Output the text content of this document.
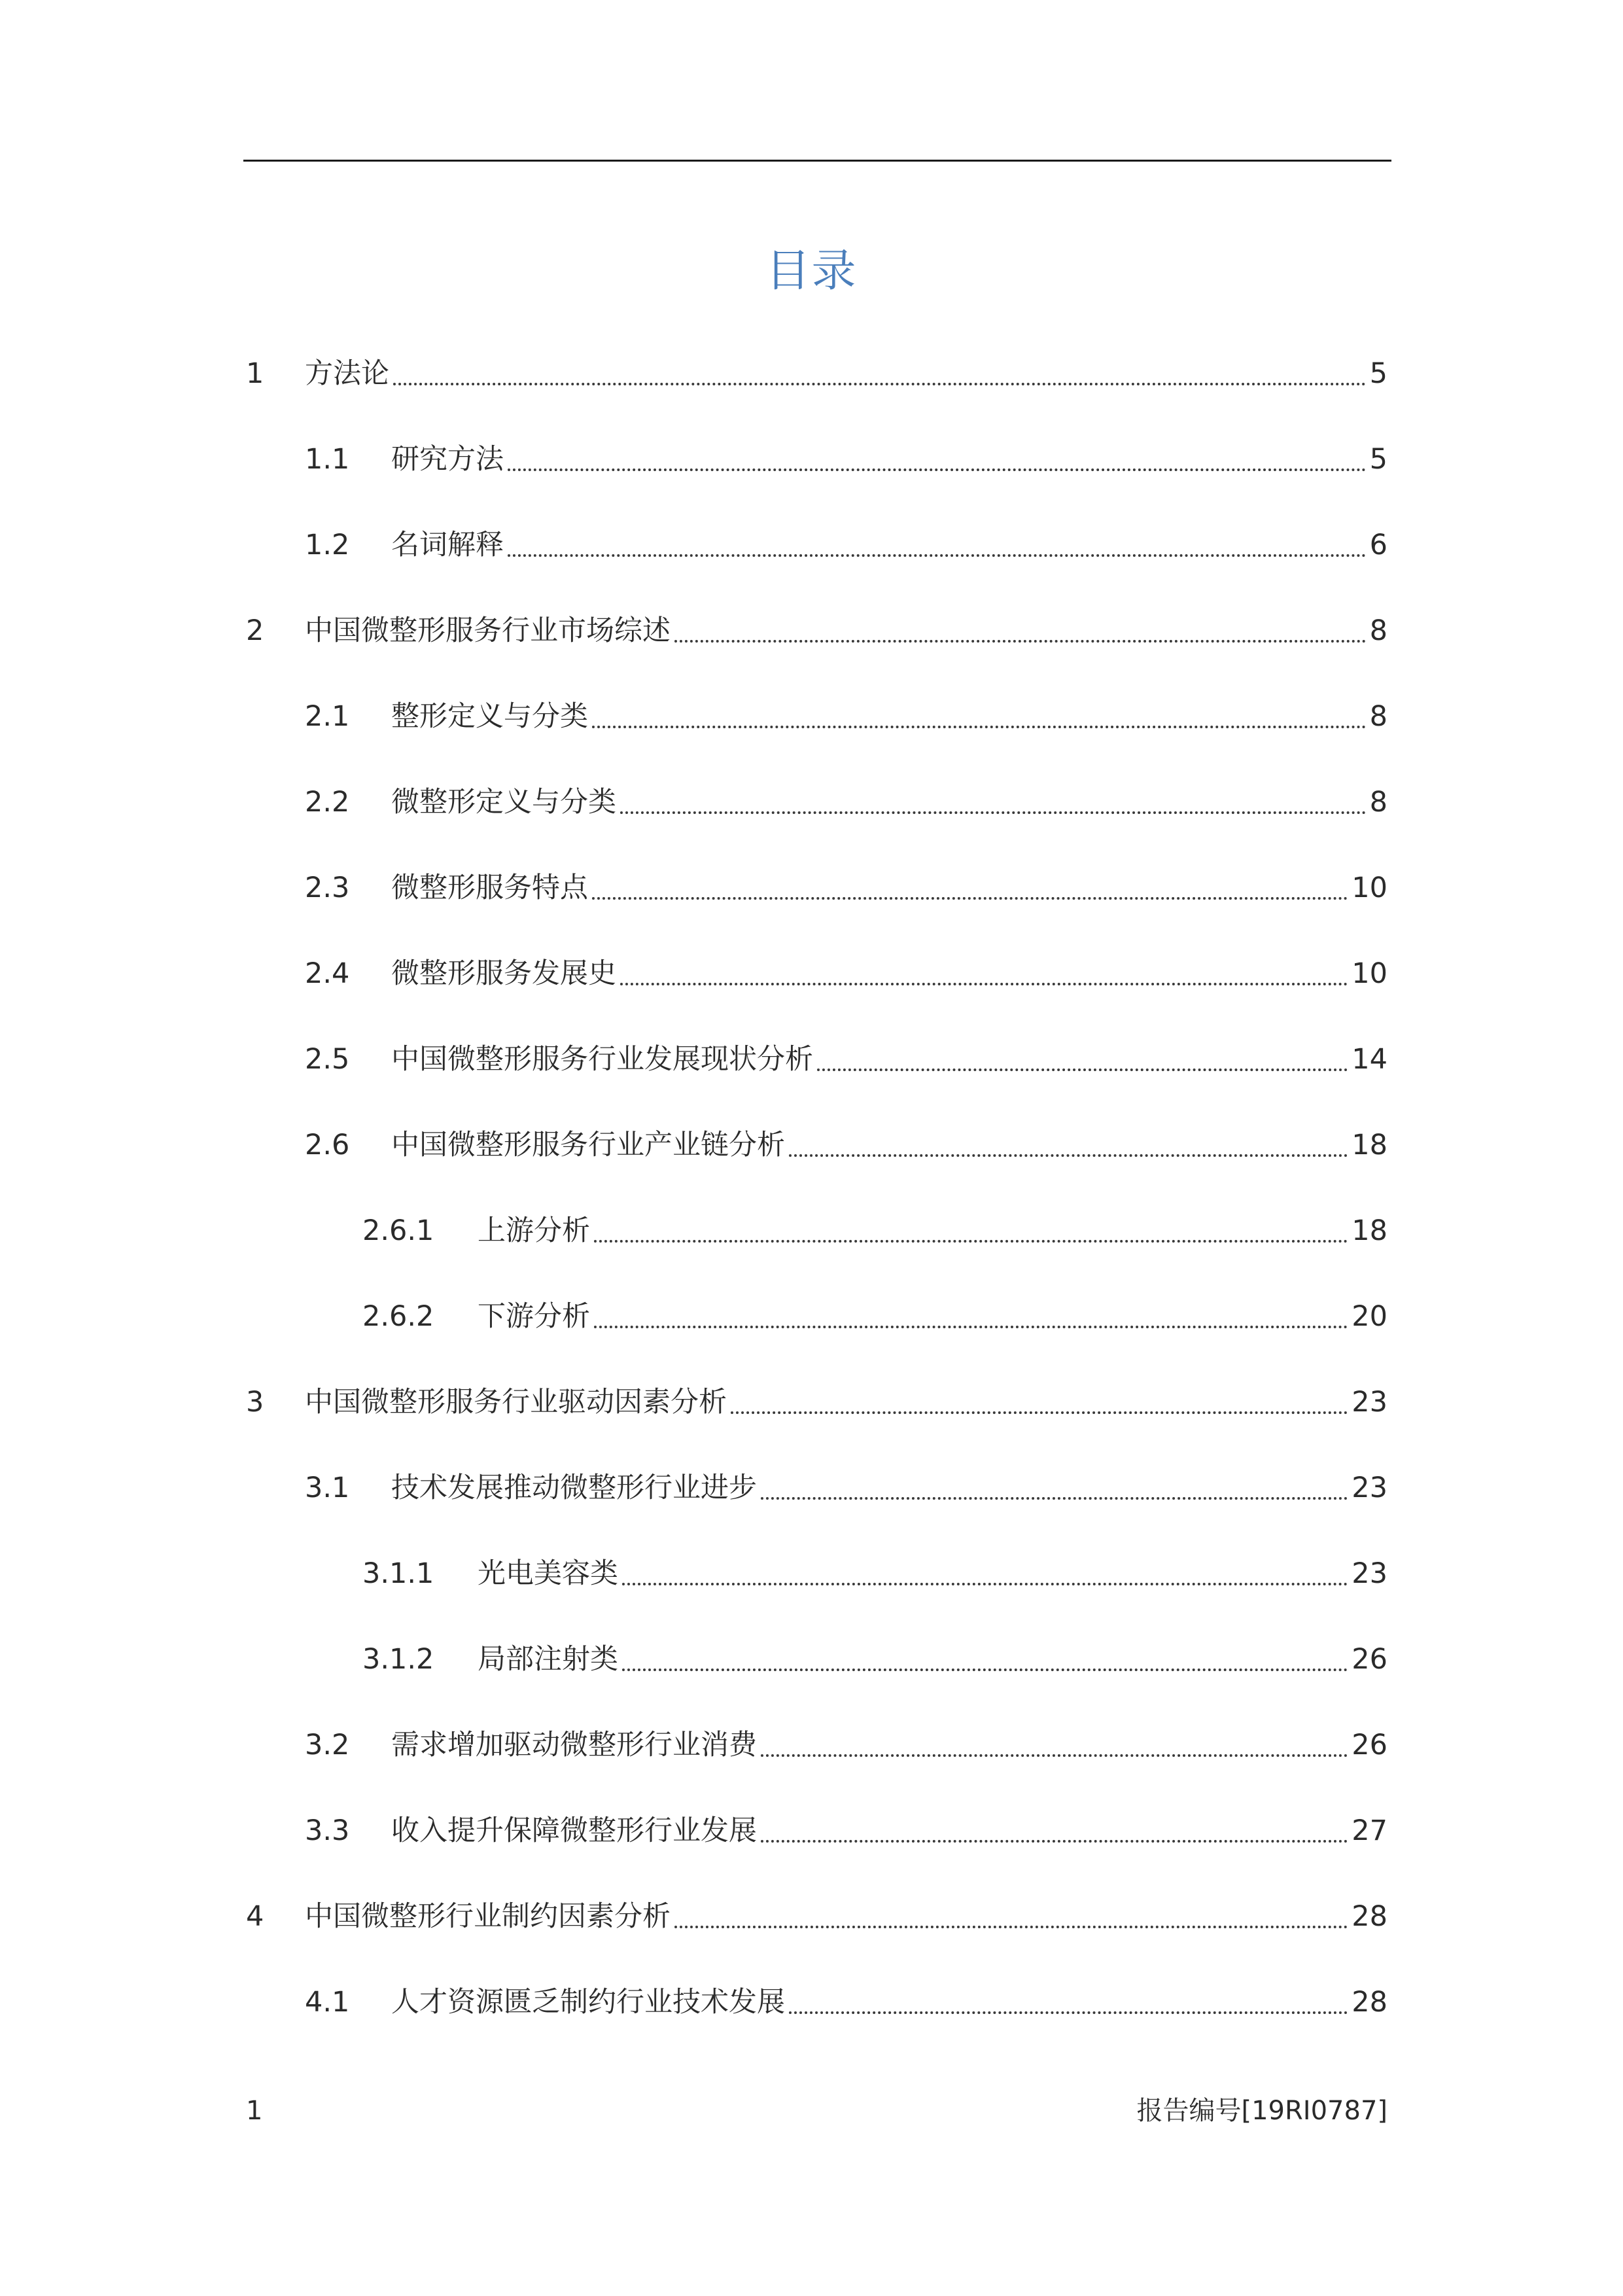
目录
1	方法论	5
1.1	研究方法	5
1.2	名词解释	6
2	中国微整形服务行业市场综述	8
2.1	整形定义与分类	8
2.2	微整形定义与分类	8
2.3	微整形服务特点	10
2.4	微整形服务发展史	10
2.5	中国微整形服务行业发展现状分析	14
2.6	中国微整形服务行业产业链分析	18
2.6.1	上游分析	18
2.6.2	下游分析	20
3	中国微整形服务行业驱动因素分析	23
3.1	技术发展推动微整形行业进步	23
3.1.1	光电美容类	23
3.1.2	局部注射类	26
3.2	需求增加驱动微整形行业消费	26
3.3	收入提升保障微整形行业发展	27
4	中国微整形行业制约因素分析	28
4.1	人才资源匮乏制约行业技术发展	28
1	报告编号[19RI0787]
